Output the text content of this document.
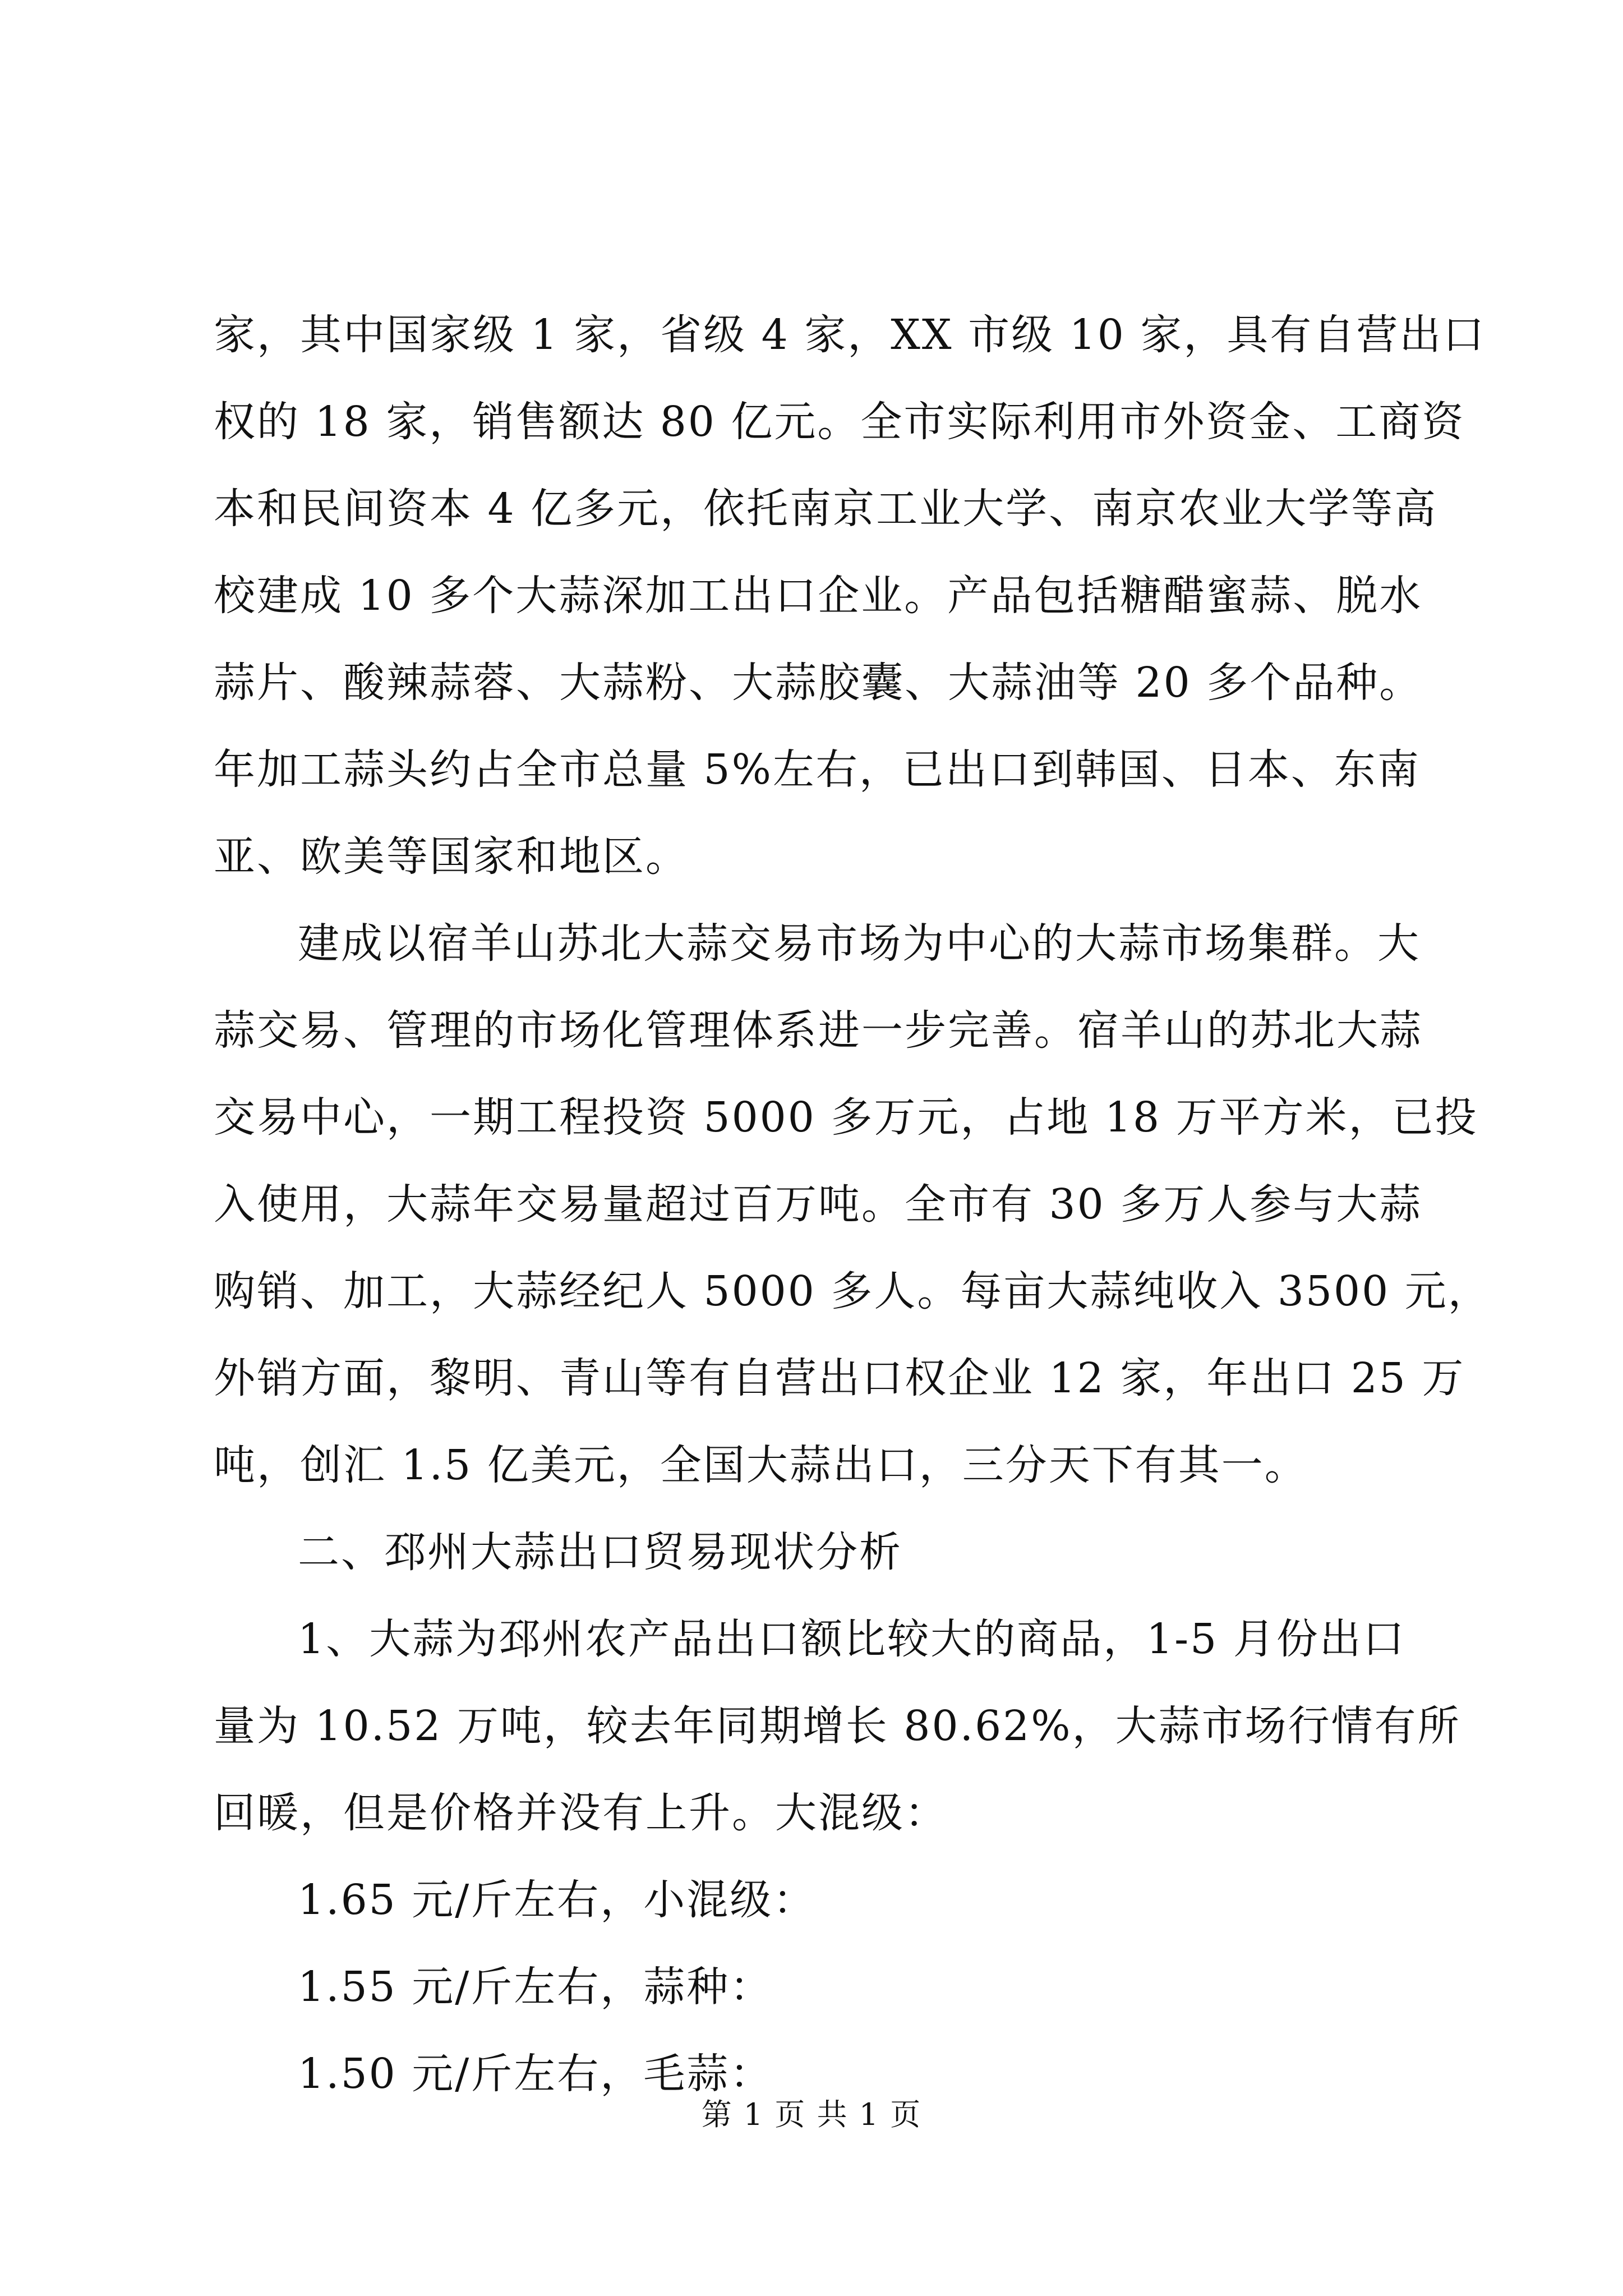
家，其中国家级 1 家，省级 4 家，XX 市级 10 家，具有自营出口
权的 18 家，销售额达 80 亿元。全市实际利用市外资金、工商资
本和民间资本 4 亿多元，依托南京工业大学、南京农业大学等高
校建成 10 多个大蒜深加工出口企业。产品包括糖醋蜜蒜、脱水
蒜片、酸辣蒜蓉、大蒜粉、大蒜胶囊、大蒜油等 20 多个品种。
年加工蒜头约占全市总量 5%左右，已出口到韩国、日本、东南
亚、欧美等国家和地区。
建成以宿羊山苏北大蒜交易市场为中心的大蒜市场集群。大
蒜交易、管理的市场化管理体系进一步完善。宿羊山的苏北大蒜
交易中心，一期工程投资 5000 多万元，占地 18 万平方米，已投
入使用，大蒜年交易量超过百万吨。全市有 30 多万人参与大蒜
购销、加工，大蒜经纪人 5000 多人。每亩大蒜纯收入 3500 元，
外销方面，黎明、青山等有自营出口权企业 12 家，年出口 25 万
吨，创汇 1.5 亿美元，全国大蒜出口，三分天下有其一。
二、邳州大蒜出口贸易现状分析
1、大蒜为邳州农产品出口额比较大的商品，1-5 月份出口
量为 10.52 万吨，较去年同期增长 80.62%，大蒜市场行情有所
回暖，但是价格并没有上升。大混级：
1.65 元/斤左右，小混级：
1.55 元/斤左右，蒜种：
1.50 元/斤左右，毛蒜：
第 1 页 共 1 页
